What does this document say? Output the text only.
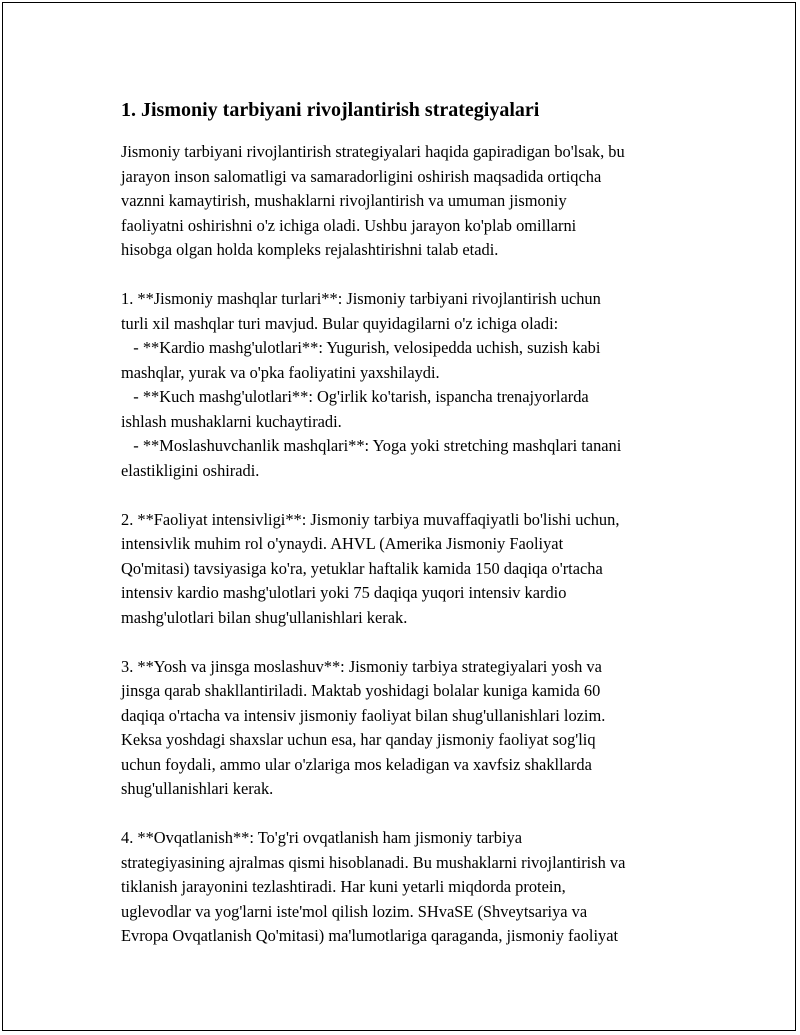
1. Jismoniy tarbiyani rivojlantirish strategiyalari
Jismoniy tarbiyani rivojlantirish strategiyalari haqida gapiradigan bo'lsak, bu
jarayon inson salomatligi va samaradorligini oshirish maqsadida ortiqcha
vaznni kamaytirish, mushaklarni rivojlantirish va umuman jismoniy
faoliyatni oshirishni o'z ichiga oladi. Ushbu jarayon ko'plab omillarni
hisobga olgan holda kompleks rejalashtirishni talab etadi.
1. **Jismoniy mashqlar turlari**: Jismoniy tarbiyani rivojlantirish uchun
turli xil mashqlar turi mavjud. Bular quyidagilarni o'z ichiga oladi:
- **Kardio mashg'ulotlari**: Yugurish, velosipedda uchish, suzish kabi
mashqlar, yurak va o'pka faoliyatini yaxshilaydi.
- **Kuch mashg'ulotlari**: Og'irlik ko'tarish, ispancha trenajyorlarda
ishlash mushaklarni kuchaytiradi.
- **Moslashuvchanlik mashqlari**: Yoga yoki stretching mashqlari tanani
elastikligini oshiradi.
2. **Faoliyat intensivligi**: Jismoniy tarbiya muvaffaqiyatli bo'lishi uchun,
intensivlik muhim rol o'ynaydi. AHVL (Amerika Jismoniy Faoliyat
Qo'mitasi) tavsiyasiga ko'ra, yetuklar haftalik kamida 150 daqiqa o'rtacha
intensiv kardio mashg'ulotlari yoki 75 daqiqa yuqori intensiv kardio
mashg'ulotlari bilan shug'ullanishlari kerak.
3. **Yosh va jinsga moslashuv**: Jismoniy tarbiya strategiyalari yosh va
jinsga qarab shakllantiriladi. Maktab yoshidagi bolalar kuniga kamida 60
daqiqa o'rtacha va intensiv jismoniy faoliyat bilan shug'ullanishlari lozim.
Keksa yoshdagi shaxslar uchun esa, har qanday jismoniy faoliyat sog'liq
uchun foydali, ammo ular o'zlariga mos keladigan va xavfsiz shakllarda
shug'ullanishlari kerak.
4. **Ovqatlanish**: To'g'ri ovqatlanish ham jismoniy tarbiya
strategiyasining ajralmas qismi hisoblanadi. Bu mushaklarni rivojlantirish va
tiklanish jarayonini tezlashtiradi. Har kuni yetarli miqdorda protein,
uglevodlar va yog'larni iste'mol qilish lozim. SHvaSE (Shveytsariya va
Evropa Ovqatlanish Qo'mitasi) ma'lumotlariga qaraganda, jismoniy faoliyat
